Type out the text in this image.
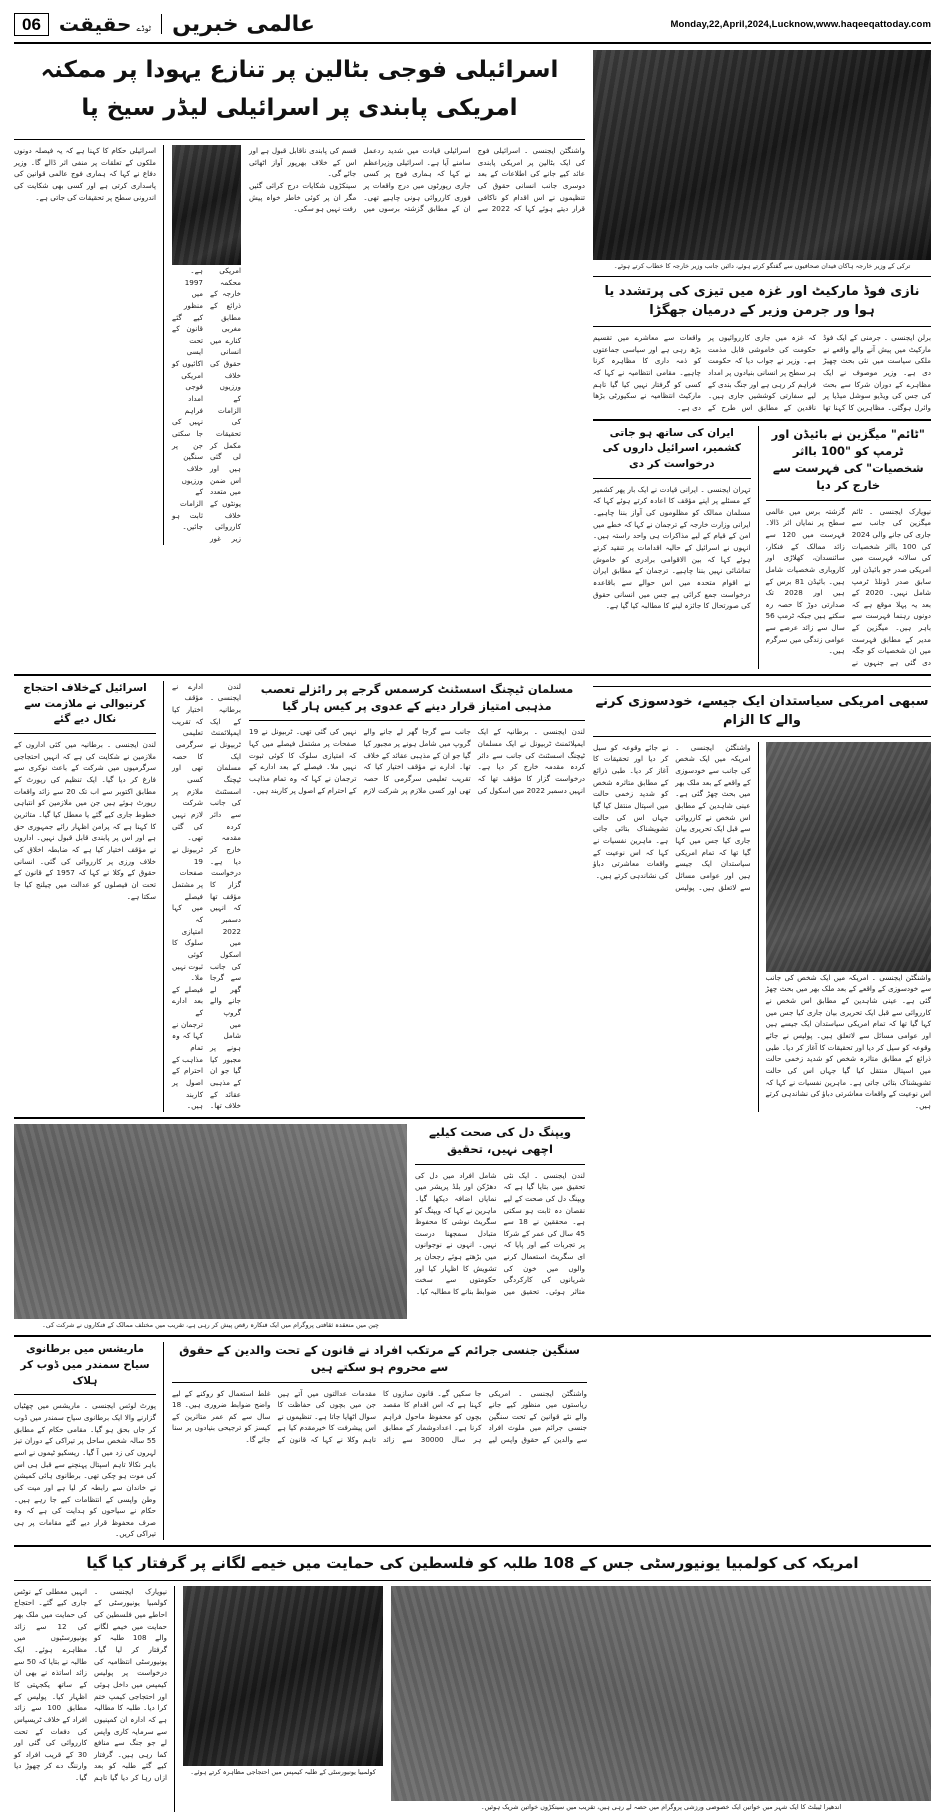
Monday,22,April,2024,Lucknow,www.haqeeqattoday.com
عالمی خبریں
ٹوڈے
حقیقت
06
ترکی کے وزیر خارجہ ہاکان فیدان صحافیوں سے گفتگو کرتے ہوئے، دائیں جانب وزیر خارجہ کا خطاب کرتے ہوئے۔
نازی فوڈ مارکیٹ اور غزہ میں تیزی کی پرتشدد یا ہوا ور جرمن وزیر کے درمیان جھگڑا
برلن ایجنسی ۔ جرمنی کے ایک فوڈ مارکیٹ میں پیش آنے والے واقعے نے ملکی سیاست میں نئی بحث چھیڑ دی ہے۔ وزیر موصوف نے ایک مظاہرے کے دوران شرکا سے بحث کی جس کی ویڈیو سوشل میڈیا پر وائرل ہوگئی۔ مظاہرین کا کہنا تھا کہ غزہ میں جاری کارروائیوں پر حکومت کی خاموشی قابل مذمت ہے۔ وزیر نے جواب دیا کہ حکومت ہر سطح پر انسانی بنیادوں پر امداد فراہم کر رہی ہے اور جنگ بندی کے لیے سفارتی کوششیں جاری ہیں۔ ناقدین کے مطابق اس طرح کے واقعات سے معاشرے میں تقسیم بڑھ رہی ہے اور سیاسی جماعتوں کو ذمہ داری کا مظاہرہ کرنا چاہیے۔ مقامی انتظامیہ نے کہا کہ کسی کو گرفتار نہیں کیا گیا تاہم مارکیٹ انتظامیہ نے سکیورٹی بڑھا دی ہے۔
"ٹائم" میگزین نے بائیڈن اور ٹرمپ کو "100 بااثر شخصیات" کی فہرست سے خارج کر دیا
نیویارک ایجنسی ۔ ٹائم میگزین کی جانب سے جاری کی جانے والی 2024 کی 100 بااثر شخصیات کی سالانہ فہرست میں امریکی صدر جو بائیڈن اور سابق صدر ڈونلڈ ٹرمپ شامل نہیں۔ 2020 کے بعد یہ پہلا موقع ہے کہ دونوں رہنما فہرست سے باہر ہیں۔ میگزین کے مدیر کے مطابق فہرست میں ان شخصیات کو جگہ دی گئی ہے جنہوں نے گزشتہ برس میں عالمی سطح پر نمایاں اثر ڈالا۔ فہرست میں 120 سے زائد ممالک کے فنکار، سائنسدان، کھلاڑی اور کاروباری شخصیات شامل ہیں۔ بائیڈن 81 برس کے ہیں اور 2028 تک صدارتی دوڑ کا حصہ رہ سکتے ہیں جبکہ ٹرمپ 56 سال سے زائد عرصے سے عوامی زندگی میں سرگرم ہیں۔
ایران کی ساتھ ہو جاتی کشمیر، اسرائیل داروں کی درخواست کر دی
تہران ایجنسی ۔ ایرانی قیادت نے ایک بار پھر کشمیر کے مسئلے پر اپنے مؤقف کا اعادہ کرتے ہوئے کہا کہ مسلمان ممالک کو مظلوموں کی آواز بننا چاہیے۔ ایرانی وزارت خارجہ کے ترجمان نے کہا کہ خطے میں امن کے قیام کے لیے مذاکرات ہی واحد راستہ ہیں۔ انہوں نے اسرائیل کے حالیہ اقدامات پر تنقید کرتے ہوئے کہا کہ بین الاقوامی برادری کو خاموش تماشائی نہیں بننا چاہیے۔ ترجمان کے مطابق ایران نے اقوام متحدہ میں اس حوالے سے باقاعدہ درخواست جمع کرائی ہے جس میں انسانی حقوق کی صورتحال کا جائزہ لینے کا مطالبہ کیا گیا ہے۔
اسرائیلی فوجی بٹالین پر تنازع یہودا پر ممکنہ امریکی پابندی پر اسرائیلی لیڈر سیخ پا
واشنگٹن ایجنسی ۔ اسرائیلی فوج کی ایک بٹالین پر امریکی پابندی عائد کیے جانے کی اطلاعات کے بعد اسرائیلی قیادت میں شدید ردعمل سامنے آیا ہے۔ اسرائیلی وزیراعظم نے کہا کہ ہماری فوج پر کسی قسم کی پابندی ناقابل قبول ہے اور اس کے خلاف بھرپور آواز اٹھائی جائے گی۔
دوسری جانب انسانی حقوق کی تنظیموں نے اس اقدام کو ناکافی قرار دیتے ہوئے کہا کہ 2022 سے جاری رپورٹوں میں درج واقعات پر فوری کارروائی ہونی چاہیے تھی۔ ان کے مطابق گزشتہ برسوں میں سینکڑوں شکایات درج کرائی گئیں مگر ان پر کوئی خاطر خواہ پیش رفت نہیں ہو سکی۔
امریکی محکمہ خارجہ کے ذرائع کے مطابق مغربی کنارے میں انسانی حقوق کی خلاف ورزیوں کے الزامات کی تحقیقات مکمل کر لی گئی ہیں اور اس ضمن میں متعدد یونٹوں کے خلاف کارروائی زیر غور ہے۔ 1997 میں منظور کیے گئے قانون کے تحت ایسی اکائیوں کو امریکی فوجی امداد فراہم نہیں کی جا سکتی جن پر سنگین خلاف ورزیوں کے الزامات ثابت ہو جائیں۔
اسرائیلی حکام کا کہنا ہے کہ یہ فیصلہ دونوں ملکوں کے تعلقات پر منفی اثر ڈالے گا۔ وزیر دفاع نے کہا کہ ہماری فوج عالمی قوانین کی پاسداری کرتی ہے اور کسی بھی شکایت کی اندرونی سطح پر تحقیقات کی جاتی ہے۔
سبھی امریکی سیاستدان ایک جیسے، خودسوزی کرنے والے کا الزام
واشنگٹن ایجنسی ۔ امریکہ میں ایک شخص کی جانب سے خودسوزی کے واقعے کے بعد ملک بھر میں بحث چھڑ گئی ہے۔ عینی شاہدین کے مطابق اس شخص نے کارروائی سے قبل ایک تحریری بیان جاری کیا جس میں کہا گیا تھا کہ تمام امریکی سیاستدان ایک جیسے ہیں اور عوامی مسائل سے لاتعلق ہیں۔ پولیس نے جائے وقوعہ کو سیل کر دیا اور تحقیقات کا آغاز کر دیا۔ طبی ذرائع کے مطابق متاثرہ شخص کو شدید زخمی حالت میں اسپتال منتقل کیا گیا جہاں اس کی حالت تشویشناک بتائی جاتی ہے۔ ماہرین نفسیات نے کہا کہ اس نوعیت کے واقعات معاشرتی دباؤ کی نشاندہی کرتے ہیں۔
واشنگٹن ایجنسی ۔ امریکہ میں ایک شخص کی جانب سے خودسوزی کے واقعے کے بعد ملک بھر میں بحث چھڑ گئی ہے۔ عینی شاہدین کے مطابق اس شخص نے کارروائی سے قبل ایک تحریری بیان جاری کیا جس میں کہا گیا تھا کہ تمام امریکی سیاستدان ایک جیسے ہیں اور عوامی مسائل سے لاتعلق ہیں۔ پولیس نے جائے وقوعہ کو سیل کر دیا اور تحقیقات کا آغاز کر دیا۔ طبی ذرائع کے مطابق متاثرہ شخص کو شدید زخمی حالت میں اسپتال منتقل کیا گیا جہاں اس کی حالت تشویشناک بتائی جاتی ہے۔ ماہرین نفسیات نے کہا کہ اس نوعیت کے واقعات معاشرتی دباؤ کی نشاندہی کرتے ہیں۔
مسلمان ٹیچنگ اسسٹنٹ کرسمس گرجے پر رائزلے تعصب مذہبی امتیاز قرار دینے کے عدوی پر کیس ہار گیا
لندن ایجنسی ۔ برطانیہ کے ایک ایمپلائمنٹ ٹربیونل نے ایک مسلمان ٹیچنگ اسسٹنٹ کی جانب سے دائر کردہ مقدمہ خارج کر دیا ہے۔ درخواست گزار کا مؤقف تھا کہ انہیں دسمبر 2022 میں اسکول کی جانب سے گرجا گھر لے جانے والے گروپ میں شامل ہونے پر مجبور کیا گیا جو ان کے مذہبی عقائد کے خلاف تھا۔ ادارے نے مؤقف اختیار کیا کہ تقریب تعلیمی سرگرمی کا حصہ تھی اور کسی ملازم پر شرکت لازم نہیں کی گئی تھی۔ ٹربیونل نے 19 صفحات پر مشتمل فیصلے میں کہا کہ امتیازی سلوک کا کوئی ثبوت نہیں ملا۔ فیصلے کے بعد ادارے کے ترجمان نے کہا کہ وہ تمام مذاہب کے احترام کے اصول پر کاربند ہیں۔
لندن ایجنسی ۔ برطانیہ کے ایک ایمپلائمنٹ ٹربیونل نے ایک مسلمان ٹیچنگ اسسٹنٹ کی جانب سے دائر کردہ مقدمہ خارج کر دیا ہے۔ درخواست گزار کا مؤقف تھا کہ انہیں دسمبر 2022 میں اسکول کی جانب سے گرجا گھر لے جانے والے گروپ میں شامل ہونے پر مجبور کیا گیا جو ان کے مذہبی عقائد کے خلاف تھا۔ ادارے نے مؤقف اختیار کیا کہ تقریب تعلیمی سرگرمی کا حصہ تھی اور کسی ملازم پر شرکت لازم نہیں کی گئی تھی۔ ٹربیونل نے 19 صفحات پر مشتمل فیصلے میں کہا کہ امتیازی سلوک کا کوئی ثبوت نہیں ملا۔ فیصلے کے بعد ادارے کے ترجمان نے کہا کہ وہ تمام مذاہب کے احترام کے اصول پر کاربند ہیں۔
اسرائیل کےخلاف احتجاج کرنیوالی نے ملازمت سے نکال دیے گئے
لندن ایجنسی ۔ برطانیہ میں کئی اداروں کے ملازمین نے شکایت کی ہے کہ انہیں احتجاجی سرگرمیوں میں شرکت کے باعث نوکری سے فارغ کر دیا گیا۔ ایک تنظیم کی رپورٹ کے مطابق اکتوبر سے اب تک 20 سے زائد واقعات رپورٹ ہوئے ہیں جن میں ملازمین کو انتباہی خطوط جاری کیے گئے یا معطل کیا گیا۔ متاثرین کا کہنا ہے کہ پرامن اظہار رائے جمہوری حق ہے اور اس پر پابندی قابل قبول نہیں۔ اداروں نے مؤقف اختیار کیا ہے کہ ضابطہ اخلاق کی خلاف ورزی پر کارروائی کی گئی۔ انسانی حقوق کے وکلا نے کہا کہ 1957 کے قانون کے تحت ان فیصلوں کو عدالت میں چیلنج کیا جا سکتا ہے۔
ویپنگ دل کی صحت کیلیے اچھی نہیں، تحقیق
لندن ایجنسی ۔ ایک نئی تحقیق میں بتایا گیا ہے کہ ویپنگ دل کی صحت کے لیے نقصان دہ ثابت ہو سکتی ہے۔ محققین نے 18 سے 45 سال کی عمر کے شرکا پر تجربات کیے اور پایا کہ ای سگریٹ استعمال کرنے والوں میں خون کی شریانوں کی کارکردگی متاثر ہوئی۔ تحقیق میں شامل افراد میں دل کی دھڑکن اور بلڈ پریشر میں نمایاں اضافہ دیکھا گیا۔ ماہرین نے کہا کہ ویپنگ کو سگریٹ نوشی کا محفوظ متبادل سمجھنا درست نہیں۔ انہوں نے نوجوانوں میں بڑھتے ہوئے رجحان پر تشویش کا اظہار کیا اور حکومتوں سے سخت ضوابط بنانے کا مطالبہ کیا۔
چین میں منعقدہ ثقافتی پروگرام میں ایک فنکارہ رقص پیش کر رہی ہے، تقریب میں مختلف ممالک کے فنکاروں نے شرکت کی۔
سنگین جنسی جرائم کے مرتکب افراد نے قانون کے تحت والدین کے حقوق سے محروم ہو سکتے ہیں
واشنگٹن ایجنسی ۔ امریکی ریاستوں میں منظور کیے جانے والے نئے قوانین کے تحت سنگین جنسی جرائم میں ملوث افراد سے والدین کے حقوق واپس لیے جا سکیں گے۔ قانون سازوں کا کہنا ہے کہ اس اقدام کا مقصد بچوں کو محفوظ ماحول فراہم کرنا ہے۔ اعدادوشمار کے مطابق ہر سال 30000 سے زائد مقدمات عدالتوں میں آتے ہیں جن میں بچوں کی حفاظت کا سوال اٹھایا جاتا ہے۔ تنظیموں نے اس پیشرفت کا خیرمقدم کیا ہے تاہم وکلا نے کہا کہ قانون کے غلط استعمال کو روکنے کے لیے واضح ضوابط ضروری ہیں۔ 18 سال سے کم عمر متاثرین کے کیسز کو ترجیحی بنیادوں پر سنا جائے گا۔
ماریشس میں برطانوی سیاح سمندر میں ڈوب کر ہلاک
پورٹ لوئس ایجنسی ۔ ماریشس میں چھٹیاں گزارنے والا ایک برطانوی سیاح سمندر میں ڈوب کر جاں بحق ہو گیا۔ مقامی حکام کے مطابق 55 سالہ شخص ساحل پر تیراکی کے دوران تیز لہروں کی زد میں آ گیا۔ ریسکیو ٹیموں نے اسے باہر نکالا تاہم اسپتال پہنچنے سے قبل ہی اس کی موت ہو چکی تھی۔ برطانوی ہائی کمیشن نے خاندان سے رابطہ کر لیا ہے اور میت کی وطن واپسی کے انتظامات کیے جا رہے ہیں۔ حکام نے سیاحوں کو ہدایت کی ہے کہ وہ صرف محفوظ قرار دیے گئے مقامات پر ہی تیراکی کریں۔
امریکہ کی کولمبیا یونیورسٹی جس کے 108 طلبہ کو فلسطین کی حمایت میں خیمے لگانے پر گرفتار کیا گیا
اندھیرا ٹیبلٹ کا ایک شہر میں خواتین ایک خصوصی ورزشی پروگرام میں حصہ لے رہی ہیں، تقریب میں سینکڑوں خواتین شریک ہوئیں۔
کولمبیا یونیورسٹی کے طلبہ کیمپس میں احتجاجی مظاہرہ کرتے ہوئے۔
نیویارک ایجنسی ۔ کولمبیا یونیورسٹی کے احاطے میں فلسطین کی حمایت میں خیمے لگانے والے 108 طلبہ کو گرفتار کر لیا گیا۔ یونیورسٹی انتظامیہ کی درخواست پر پولیس کیمپس میں داخل ہوئی اور احتجاجی کیمپ ختم کرا دیا۔ طلبہ کا مطالبہ ہے کہ ادارہ ان کمپنیوں سے سرمایہ کاری واپس لے جو جنگ سے منافع کما رہی ہیں۔ گرفتار کیے گئے طلبہ کو بعد ازاں رہا کر دیا گیا تاہم انہیں معطلی کے نوٹس جاری کیے گئے۔ احتجاج کی حمایت میں ملک بھر کی 12 سے زائد یونیورسٹیوں میں مظاہرے ہوئے۔ ایک طالبہ نے بتایا کہ 50 سے زائد اساتذہ نے بھی ان کے ساتھ یکجہتی کا اظہار کیا۔ پولیس کے مطابق 100 سے زائد افراد کے خلاف ٹریسپاس کی دفعات کے تحت کارروائی کی گئی اور 30 کے قریب افراد کو وارننگ دے کر چھوڑ دیا گیا۔
